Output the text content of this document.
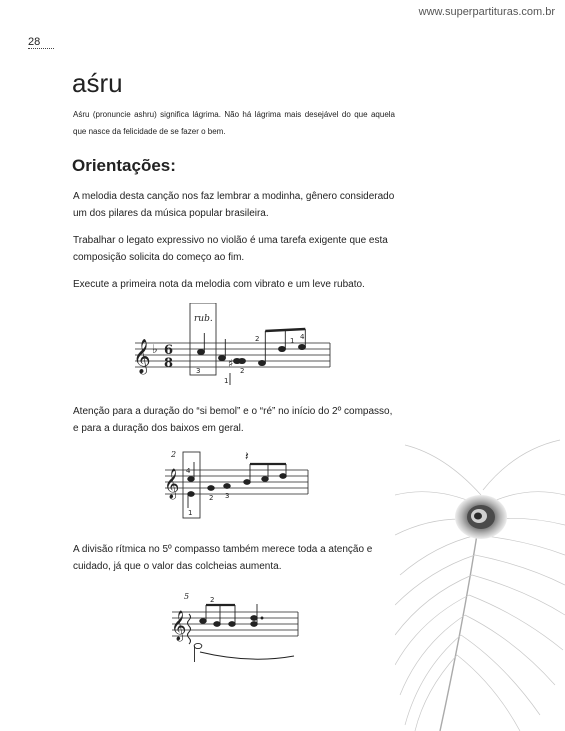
www.superpartituras.com.br
28
aśru

Aśru (pronuncie ashru) significa lágrima. Não há lágrima mais desejável do que aquela que nasce da felicidade de se fazer o bem.

Orientações:

A melodia desta canção nos faz lembrar a modinha, gênero considerado um dos pilares da música popular brasileira.

Trabalhar o legato expressivo no violão é uma tarefa exigente que esta composição solicita do começo ao fim.

Execute a primeira nota da melodia com vibrato e um leve rubato.

𝄞 ♭ 6
8
rub.
3	2
2
1
4
1
♯

Atenção para a duração do “si bemol” e o “ré” no início do 2º compasso, e para a duração dos baixos em geral.

2
𝄞
𝄽
4
1
2 3

A divisão rítmica no 5º compasso também merece toda a atenção e cuidado, já que o valor das colcheias aumenta.

5
𝄞
2
